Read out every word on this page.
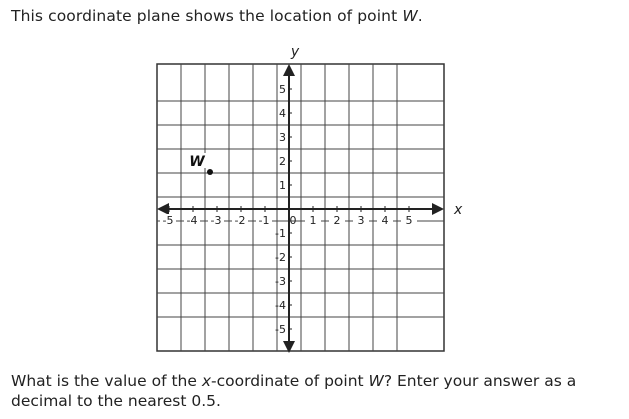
This coordinate plane shows the location of point W.
x
y
0
-5 -4 -3 -2 -1	1 2 3 4 5
5
4
3
2
1
-1
-2
-3
-4
-5
W
What is the value of the x-coordinate of point W? Enter your answer as a decimal to the nearest 0.5.
